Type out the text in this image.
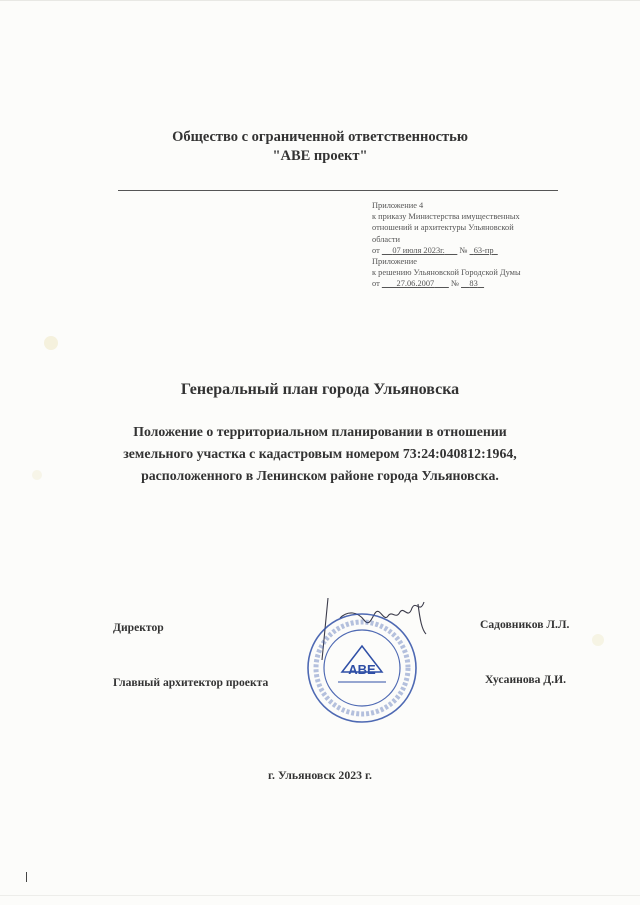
Общество с ограниченной ответственностью
"АВЕ проект"
Приложение 4
к приказу Министерства имущественных
отношений и архитектуры Ульяновской
области
от 07 июля 2023г. № 63-пр
Приложение
к решению Ульяновской Городской Думы
от 27.06.2007 № 83
Генеральный план города Ульяновска
Положение о территориальном планировании в отношении
земельного участка с кадастровым номером 73:24:040812:1964,
расположенного в Ленинском районе города Ульяновска.
Директор	Садовников Л.Л.
Главный архитектор проекта	Хусаинова Д.И.
АВЕ
г. Ульяновск 2023 г.
